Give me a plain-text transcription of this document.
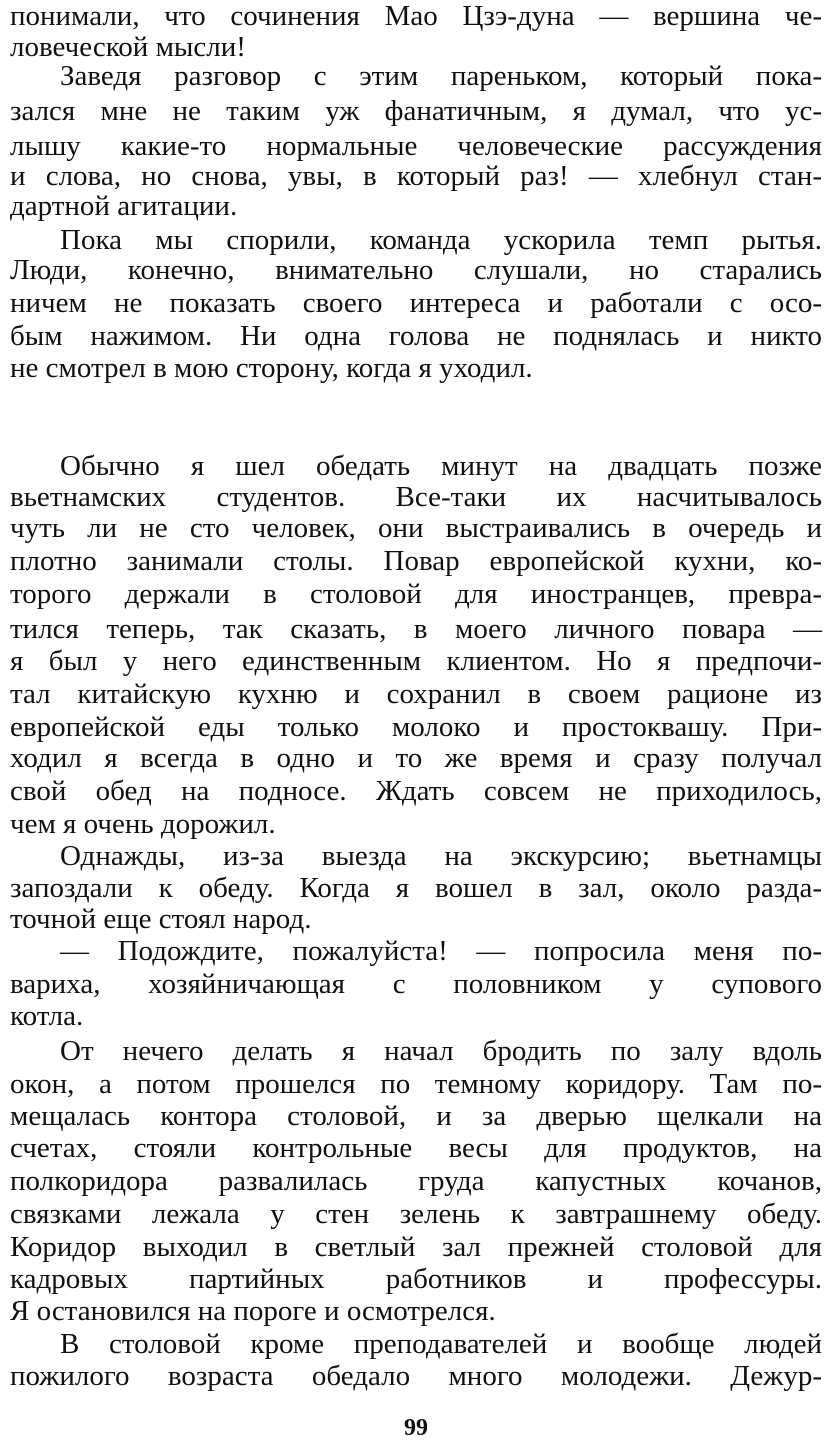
понимали, что сочинения Мао Цзэ-дуна — вершина че-
ловеческой мысли!
Заведя разговор с этим пареньком, который пока-
зался мне не таким уж фанатичным, я думал, что ус-
лышу какие-то нормальные человеческие рассуждения
и слова, но снова, увы, в который раз! — хлебнул стан-
дартной агитации.
Пока мы спорили, команда ускорила темп рытья.
Люди, конечно, внимательно слушали, но старались
ничем не показать своего интереса и работали с осо-
бым нажимом. Ни одна голова не поднялась и никто
не смотрел в мою сторону, когда я уходил.
Обычно я шел обедать минут на двадцать позже
вьетнамских студентов. Все-таки их насчитывалось
чуть ли не сто человек, они выстраивались в очередь и
плотно занимали столы. Повар европейской кухни, ко-
торого держали в столовой для иностранцев, превра-
тился теперь, так сказать, в моего личного повара —
я был у него единственным клиентом. Но я предпочи-
тал китайскую кухню и сохранил в своем рационе из
европейской еды только молоко и простоквашу. При-
ходил я всегда в одно и то же время и сразу получал
свой обед на подносе. Ждать совсем не приходилось,
чем я очень дорожил.
Однажды, из-за выезда на экскурсию; вьетнамцы
запоздали к обеду. Когда я вошел в зал, около разда-
точной еще стоял народ.
— Подождите, пожалуйста! — попросила меня по-
вариха, хозяйничающая с половником у супового
котла.
От нечего делать я начал бродить по залу вдоль
окон, а потом прошелся по темному коридору. Там по-
мещалась контора столовой, и за дверью щелкали на
счетах, стояли контрольные весы для продуктов, на
полкоридора развалилась груда капустных кочанов,
связками лежала у стен зелень к завтрашнему обеду.
Коридор выходил в светлый зал прежней столовой для
кадровых партийных работников и профессуры.
Я остановился на пороге и осмотрелся.
В столовой кроме преподавателей и вообще людей
пожилого возраста обедало много молодежи. Дежур-
99
